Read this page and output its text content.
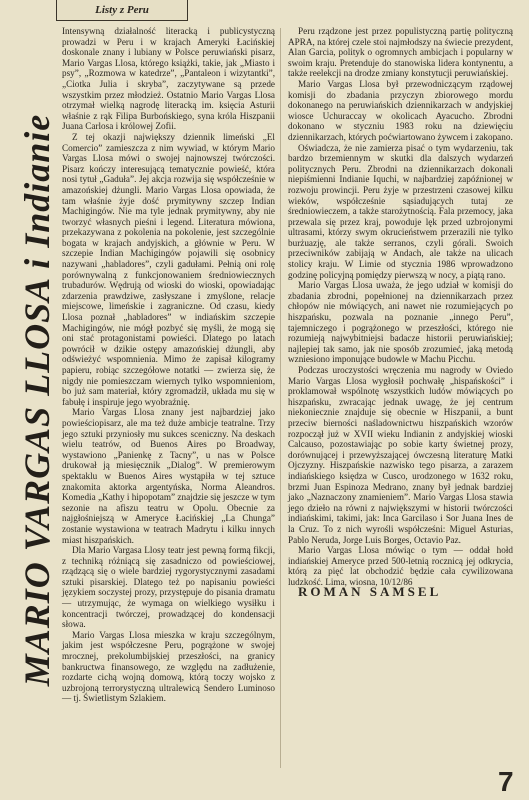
Listy z Peru
MARIO VARGAS LLOSA i Indianie

Intensywną działalność literacką i publicystyczną prowadzi w Peru i w krajach Ameryki Łacińskiej doskonale znany i lubiany w Polsce peruwiański pisarz, Mario Vargas Llosa, którego książki, takie, jak „Miasto i psy”, „Rozmowa w katedrze”, „Pantaleon i wizytantki”, „Ciotka Julia i skryba”, zaczytywane są przede wszystkim przez młodzież. Ostatnio Mario Vargas Llosa otrzymał wielką nagrodę literacką im. księcia Asturii właśnie z rąk Filipa Burbońskiego, syna króla Hiszpanii Juana Carlosa i królowej Zofii.

Z tej okazji największy dziennik limeński „El Comercio” zamieszcza z nim wywiad, w którym Mario Vargas Llosa mówi o swojej najnowszej twórczości. Pisarz kończy interesującą tematycznie powieść, która nosi tytuł „Gaduła”. Jej akcja rozwija się współcześnie w amazońskiej dżungli. Mario Vargas Llosa opowiada, że tam właśnie żyje dość prymitywny szczep Indian Machigingów. Nie ma tyle jednak prymitywny, aby nie tworzyć własnych pieśni i legend. Literatura mówiona, przekazywana z pokolenia na pokolenie, jest szczególnie bogata w krajach andyjskich, a głównie w Peru. W szczepie Indian Machigingów pojawili się osobnicy nazywani „habladores”, czyli gadułami. Pełnią oni rolę porównywalną z funkcjonowaniem średniowiecznych trubadurów. Wędrują od wioski do wioski, opowiadając zdarzenia prawdziwe, zasłyszane i zmyślone, relacje miejscowe, limeńskie i zagraniczne. Od czasu, kiedy Llosa poznał „habladores” w indiańskim szczepie Machigingów, nie mógł pozbyć się myśli, że mogą się oni stać protagonistami powieści. Dlatego po latach powrócił w dzikie ostępy amazońskiej dżungli, aby odświeżyć wspomnienia. Mimo że zapisał kilogramy papieru, robiąc szczegółowe notatki — zwierza się, że nigdy nie pomieszczam wiernych tylko wspomnieniom, bo już sam materiał, który zgromadził, układa mu się w fabułę i inspiruje jego wyobraźnię.

Mario Vargas Llosa znany jest najbardziej jako powieściopisarz, ale ma też duże ambicje teatralne. Trzy jego sztuki przyniosły mu sukces sceniczny. Na deskach wielu teatrów, od Buenos Aires po Broadway, wystawiono „Panienkę z Tacny”, u nas w Polsce drukował ją miesięcznik „Dialog”. W premierowym spektaklu w Buenos Aires wystąpiła w tej sztuce znakomita aktorka argentyńska, Norma Aleandros. Komedia „Kathy i hipopotam” znajdzie się jeszcze w tym sezonie na afiszu teatru w Opolu. Obecnie za najgłośniejszą w Ameryce Łacińskiej „La Chunga” zostanie wystawiona w teatrach Madrytu i kilku innych miast hiszpańskich.

Dla Mario Vargasa Llosy teatr jest pewną formą fikcji, z techniką różniącą się zasadniczo od powieściowej, rządzącą się o wiele bardziej rygorystycznymi zasadami sztuki pisarskiej. Dlatego też po napisaniu powieści językiem soczystej prozy, przystępuje do pisania dramatu — utrzymując, że wymaga on wielkiego wysiłku i koncentracji twórczej, prowadzącej do kondensacji słowa.

Mario Vargas Llosa mieszka w kraju szczególnym, jakim jest współczesne Peru, pogrążone w swojej mrocznej, prekolumbijskiej przeszłości, na granicy bankructwa finansowego, ze względu na zadłużenie, rozdarte cichą wojną domową, którą toczy wojsko z uzbrojoną terrorystyczną ultralewicą Sendero Luminoso — tj. Świetlistym Szlakiem.

Peru rządzone jest przez populistyczną partię polityczną APRA, na której czele stoi najmłodszy na świecie prezydent, Alan Garcia, polityk o ogromnych ambicjach i popularny w swoim kraju. Pretenduje do stanowiska lidera kontynentu, a także reelekcji na drodze zmiany konstytucji peruwiańskiej.

Mario Vargas Llosa był przewodniczącym rządowej komisji do zbadania przyczyn zbiorowego mordu dokonanego na peruwiańskich dziennikarzach w andyjskiej wiosce Uchuraccay w okolicach Ayacucho. Zbrodni dokonano w styczniu 1983 roku na dziewięciu dziennikarzach, których poćwiartowano żywcem i zakopano.

Oświadcza, że nie zamierza pisać o tym wydarzeniu, tak bardzo brzemiennym w skutki dla dalszych wydarzeń politycznych Peru. Zbrodni na dziennikarzach dokonali niepiśmienni Indianie Iquchi, w najbardziej zapóźnionej w rozwoju prowincji. Peru żyje w przestrzeni czasowej kilku wieków, współcześnie sąsiadujących tutaj ze średniowieczem, a także starożytnością. Fala przemocy, jaka przewala się przez kraj, powoduje lęk przed uzbrojonymi ultrasami, którzy swym okrucieństwem przerazili nie tylko burżuazję, ale także serranos, czyli górali. Swoich przeciwników zabijają w Andach, ale także na ulicach stolicy kraju. W Limie od stycznia 1986 wprowadzono godzinę policyjną pomiędzy pierwszą w nocy, a piątą rano.

Mario Vargas Llosa uważa, że jego udział w komisji do zbadania zbrodni, popełnionej na dziennikarzach przez chłopów nie mówiących, ani nawet nie rozumiejących po hiszpańsku, pozwala na poznanie „innego Peru”, tajemniczego i pogrążonego w przeszłości, którego nie rozumieją najwybitniejsi badacze historii peruwiańskiej; najlepiej tak samo, jak nie sposób zrozumieć, jaką metodą wzniesiono imponujące budowle w Machu Picchu.

Podczas uroczystości wręczenia mu nagrody w Oviedo Mario Vargas Llosa wygłosił pochwałę „hispańskości” i proklamował wspólnotę wszystkich ludów mówiących po hiszpańsku, zwracając jednak uwagę, że jej centrum niekoniecznie znajduje się obecnie w Hiszpanii, a bunt przeciw bierności naśladownictwu hiszpańskich wzorów rozpoczął już w XVII wieku Indianin z andyjskiej wioski Calcauso, pozostawiając po sobie karty świetnej prozy, dorównującej i przewyższającej ówczesną literaturę Matki Ojczyzny. Hiszpańskie nazwisko tego pisarza, a zarazem indiańskiego księdza w Cusco, urodzonego w 1632 roku, brzmi Juan Espinoza Medrano, znany był jednak bardziej jako „Naznaczony znamieniem”. Mario Vargas Llosa stawia jego dzieło na równi z największymi w historii twórczości indiańskimi, takimi, jak: Inca Garcilaso i Sor Juana Ines de la Cruz. To z nich wyrośli współcześni: Miguel Asturias, Pablo Neruda, Jorge Luis Borges, Octavio Paz.

Mario Vargas Llosa mówiąc o tym — oddał hołd indiańskiej Ameryce przed 500-letnią rocznicą jej odkrycia, którą za pięć lat obchodzić będzie cała cywilizowana ludzkość. Lima, wiosna, 10/12/86

ROMAN SAMSEL

7
